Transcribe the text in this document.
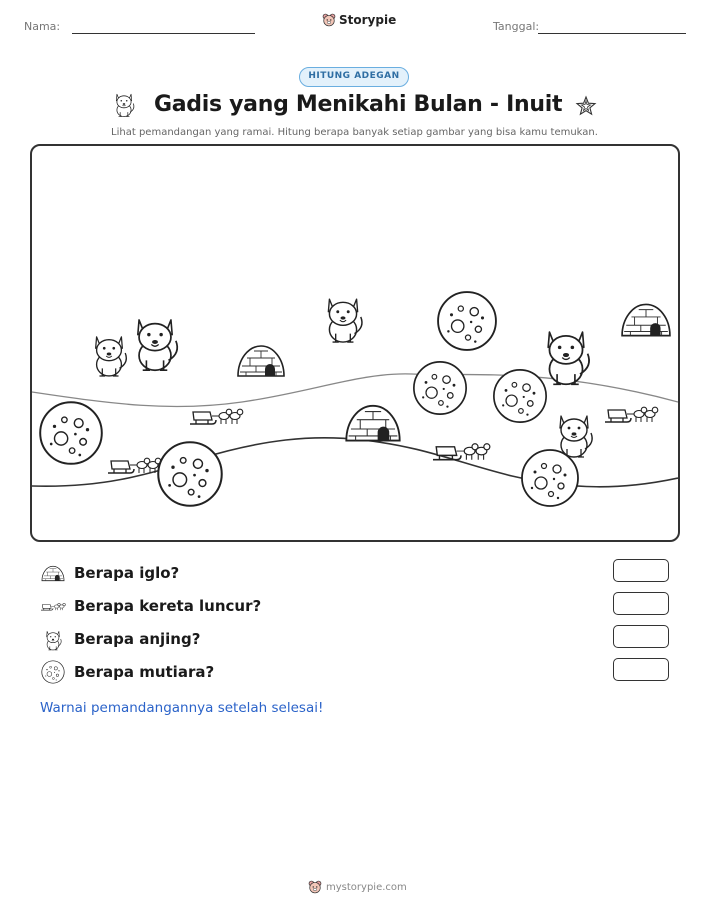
Nama:	Storypie	Tanggal:
HITUNG ADEGAN
Gadis yang Menikahi Bulan - Inuit
Lihat pemandangan yang ramai. Hitung berapa banyak setiap gambar yang bisa kamu temukan.
Berapa iglo?
Berapa kereta luncur?
Berapa anjing?
Berapa mutiara?
Warnai pemandangannya setelah selesai!
mystorypie.com
